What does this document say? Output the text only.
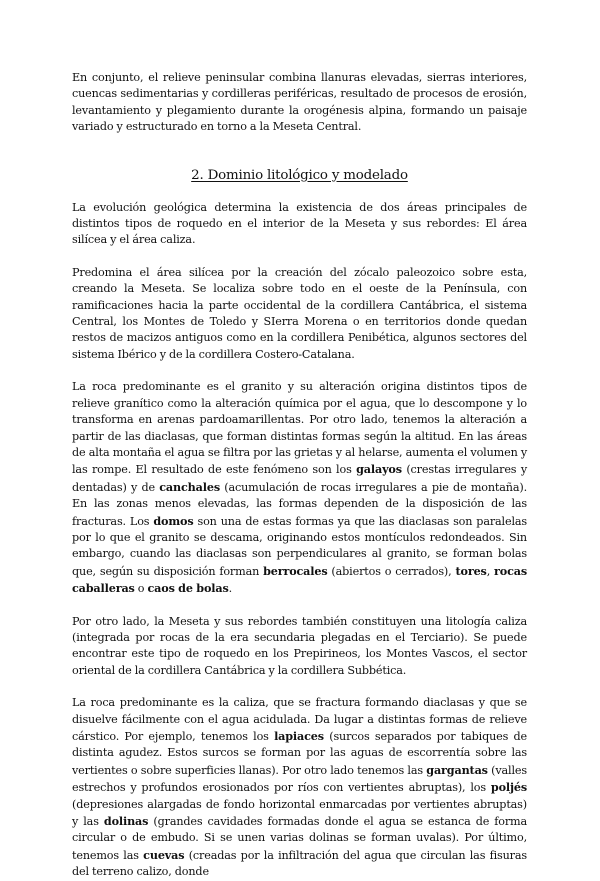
En conjunto, el relieve peninsular combina llanuras elevadas, sierras interiores, cuencas sedimentarias y cordilleras periféricas, resultado de procesos de erosión, levantamiento y plegamiento durante la orogénesis alpina, formando un paisaje variado y estructurado en torno a la Meseta Central.

2. Dominio litológico y modelado

La evolución geológica determina la existencia de dos áreas principales de distintos tipos de roquedo en el interior de la Meseta y sus rebordes: El área silícea y el área caliza.

Predomina el área silícea por la creación del zócalo paleozoico sobre esta, creando la Meseta. Se localiza sobre todo en el oeste de la Península, con ramificaciones hacia la parte occidental de la cordillera Cantábrica, el sistema Central, los Montes de Toledo y SIerra Morena o en territorios donde quedan restos de macizos antiguos como en la cordillera Penibética, algunos sectores del sistema Ibérico y de la cordillera Costero-Catalana.

La roca predominante es el granito y su alteración origina distintos tipos de relieve granítico como la alteración química por el agua, que lo descompone y lo transforma en arenas pardoamarillentas. Por otro lado, tenemos la alteración a partir de las diaclasas, que forman distintas formas según la altitud. En las áreas de alta montaña el agua se filtra por las grietas y al helarse, aumenta el volumen y las rompe. El resultado de este fenómeno son los galayos (crestas irregulares y dentadas) y de canchales (acumulación de rocas irregulares a pie de montaña). En las zonas menos elevadas, las formas dependen de la disposición de las fracturas. Los domos son una de estas formas ya que las diaclasas son paralelas por lo que el granito se descama, originando estos montículos redondeados. Sin embargo, cuando las diaclasas son perpendiculares al granito, se forman bolas que, según su disposición forman berrocales (abiertos o cerrados), tores, rocas caballeras o caos de bolas.

Por otro lado, la Meseta y sus rebordes también constituyen una litología caliza (integrada por rocas de la era secundaria plegadas en el Terciario). Se puede encontrar este tipo de roquedo en los Prepirineos, los Montes Vascos, el sector oriental de la cordillera Cantábrica y la cordillera Subbética.

La roca predominante es la caliza, que se fractura formando diaclasas y que se disuelve fácilmente con el agua acidulada. Da lugar a distintas formas de relieve cárstico. Por ejemplo, tenemos los lapiaces (surcos separados por tabiques de distinta agudez. Estos surcos se forman por las aguas de escorrentía sobre las vertientes o sobre superficies llanas). Por otro lado tenemos las gargantas (valles estrechos y profundos erosionados por ríos con vertientes abruptas), los poljés (depresiones alargadas de fondo horizontal enmarcadas por vertientes abruptas) y las dolinas (grandes cavidades formadas donde el agua se estanca de forma circular o de embudo. Si se unen varias dolinas se forman uvalas). Por último, tenemos las cuevas (creadas por la infiltración del agua que circulan las fisuras del terreno calizo, donde
